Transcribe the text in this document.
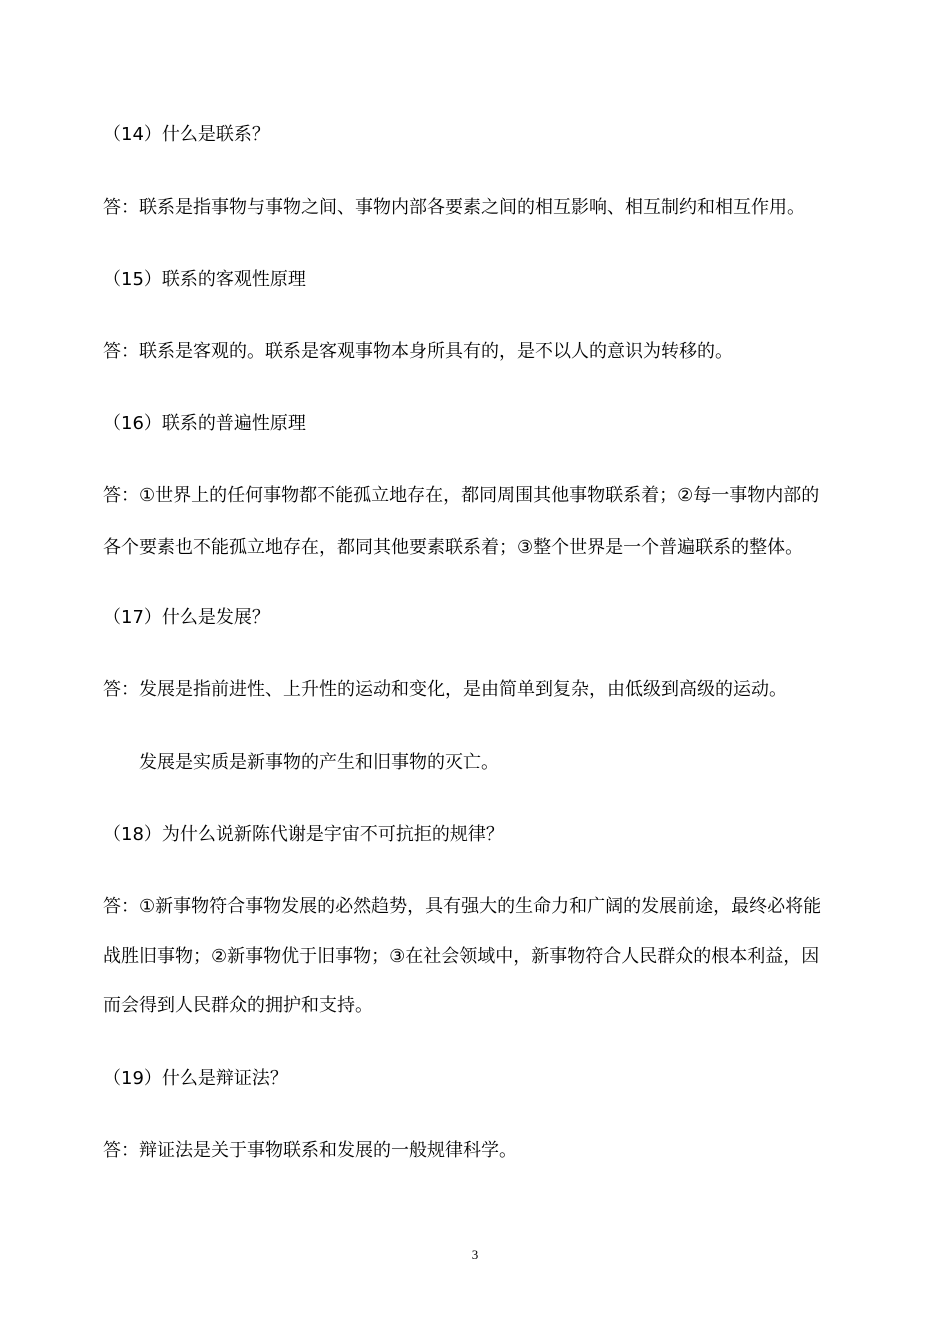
（14）什么是联系？
答：联系是指事物与事物之间、事物内部各要素之间的相互影响、相互制约和相互作用。
（15）联系的客观性原理
答：联系是客观的。联系是客观事物本身所具有的，是不以人的意识为转移的。
（16）联系的普遍性原理
答：①世界上的任何事物都不能孤立地存在，都同周围其他事物联系着；②每一事物内部的
各个要素也不能孤立地存在，都同其他要素联系着；③整个世界是一个普遍联系的整体。
（17）什么是发展？
答：发展是指前进性、上升性的运动和变化，是由简单到复杂，由低级到高级的运动。
发展是实质是新事物的产生和旧事物的灭亡。
（18）为什么说新陈代谢是宇宙不可抗拒的规律？
答：①新事物符合事物发展的必然趋势，具有强大的生命力和广阔的发展前途，最终必将能
战胜旧事物；②新事物优于旧事物；③在社会领域中，新事物符合人民群众的根本利益，因
而会得到人民群众的拥护和支持。
（19）什么是辩证法？
答：辩证法是关于事物联系和发展的一般规律科学。
3
